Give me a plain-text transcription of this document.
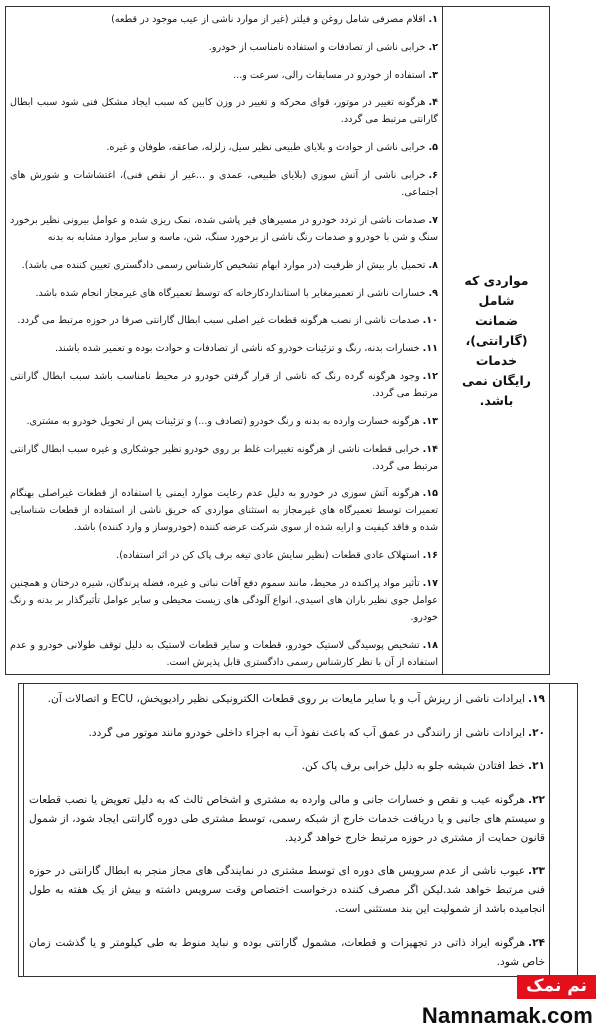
مواردی که شامل ضمانت (گارانتی)، خدمات رایگان نمی باشد.
۱.اقلام مصرفی شامل روغن و فیلتر (غیر از موارد ناشی از عیب موجود در قطعه)
۲.خرابی ناشی از تصادفات و استفاده نامناسب از خودرو.
۳.استفاده از خودرو در مسابقات رالی، سرعت و...
۴.هرگونه تغییر در موتور، قوای محرکه و تغییر در وزن کابین که سبب ایجاد مشکل فنی شود سبب ابطال گارانتی مرتبط می گردد.
۵.خرابی ناشی از حوادث و بلایای طبیعی نظیر سیل، زلزله، صاعقه، طوفان و غیره.
۶.خرابی ناشی از آتش سوزی (بلایای طبیعی، عمدی و ...غیر از نقص فنی)، اغتشاشات و شورش های اجتماعی.
۷.صدمات ناشی از تردد خودرو در مسیرهای قیر پاشی شده، نمک ریزی شده و عوامل بیرونی نظیر برخورد سنگ و شن با خودرو و صدمات رنگ ناشی از برخورد سنگ، شن، ماسه و سایر موارد مشابه به بدنه
۸.تحمیل بار بیش از ظرفیت (در موارد ابهام تشخیص کارشناس رسمی دادگستری تعیین کننده می باشد).
۹.خسارات ناشی از تعمیرمغایر با استانداردکارخانه که توسط تعمیرگاه های غیرمجاز انجام شده باشد.
۱۰.صدمات ناشی از نصب هرگونه قطعات غیر اصلی سبب ابطال گارانتی صرفا در حوزه مرتبط می گردد.
۱۱.خسارات بدنه، رنگ و تزئینات خودرو که ناشی از تصادفات و حوادث بوده و تعمیر شده باشند.
۱۲.وجود هرگونه گرده رنگ که ناشی از قرار گرفتن خودرو در محیط نامناسب باشد سبب ابطال گارانتی مرتبط می گردد.
۱۳.هرگونه خسارت وارده به بدنه و رنگ خودرو (تصادف و...) و تزئینات پس از تحویل خودرو به مشتری.
۱۴.خرابی قطعات ناشی از هرگونه تغییرات غلط بر روی خودرو نظیر جوشکاری و غیره سبب ابطال گارانتی مرتبط می گردد.
۱۵.هرگونه آتش سوزی در خودرو به دلیل عدم رعایت موارد ایمنی یا استفاده از قطعات غیراصلی بهنگام تعمیرات توسط تعمیرگاه های غیرمجاز به استثنای مواردی که حریق ناشی از استفاده از قطعات شناسایی شده و فاقد کیفیت و ارایه شده از سوی شرکت عرضه کننده (خودروساز و وارد کننده) باشد.
۱۶.استهلاک عادی قطعات (نظیر سایش عادی تیغه برف پاک کن در اثر استفاده).
۱۷.تأثیر مواد پراکنده در محیط، مانند سموم دفع آفات نباتی و غیره، فضله پرندگان، شیره درختان و همچنین عوامل جوی نظیر باران های اسیدی، انواع آلودگی های زیست محیطی و سایر عوامل تأثیرگذار بر بدنه و رنگ خودرو.
۱۸.تشخیص پوسیدگی لاستیک خودرو، قطعات و سایر قطعات لاستیک به دلیل توقف طولانی خودرو و عدم استفاده از آن با نظر کارشناس رسمی دادگستری قابل پذیرش است.
۱۹.ایرادات ناشی از ریزش آب و یا سایر مایعات بر روی قطعات الکترونیکی نظیر رادیوپخش، ECU و اتصالات آن.
۲۰.ایرادات ناشی از رانندگی در عمق آب که باعث نفوذ آب به اجزاء داخلی خودرو مانند موتور می گردد.
۲۱.خط افتادن شیشه جلو به دلیل خرابی برف پاک کن.
۲۲.هرگونه عیب و نقص و خسارات جانی و مالی وارده به مشتری و اشخاص ثالث که به دلیل تعویض یا نصب قطعات و سیستم های جانبی و یا دریافت خدمات خارج از شبکه رسمی، توسط مشتری طی دوره گارانتی ایجاد شود، از شمول قانون حمایت از مشتری در حوزه مرتبط خارج خواهد گردید.
۲۳.عیوب ناشی از عدم سرویس های دوره ای توسط مشتری در نمایندگی های مجاز منجر به ابطال گارانتی در حوزه فنی مرتبط خواهد شد.لیکن اگر مصرف کننده درخواست اختصاص وقت سرویس داشته و بیش از یک هفته به طول انجامیده باشد از شمولیت این بند مستثنی است.
۲۴.هرگونه ایراد ذاتی در تجهیزات و قطعات، مشمول گارانتی بوده و نباید منوط به طی کیلومتر و یا گذشت زمان خاص شود.
نم نمک
Namnamak.com
